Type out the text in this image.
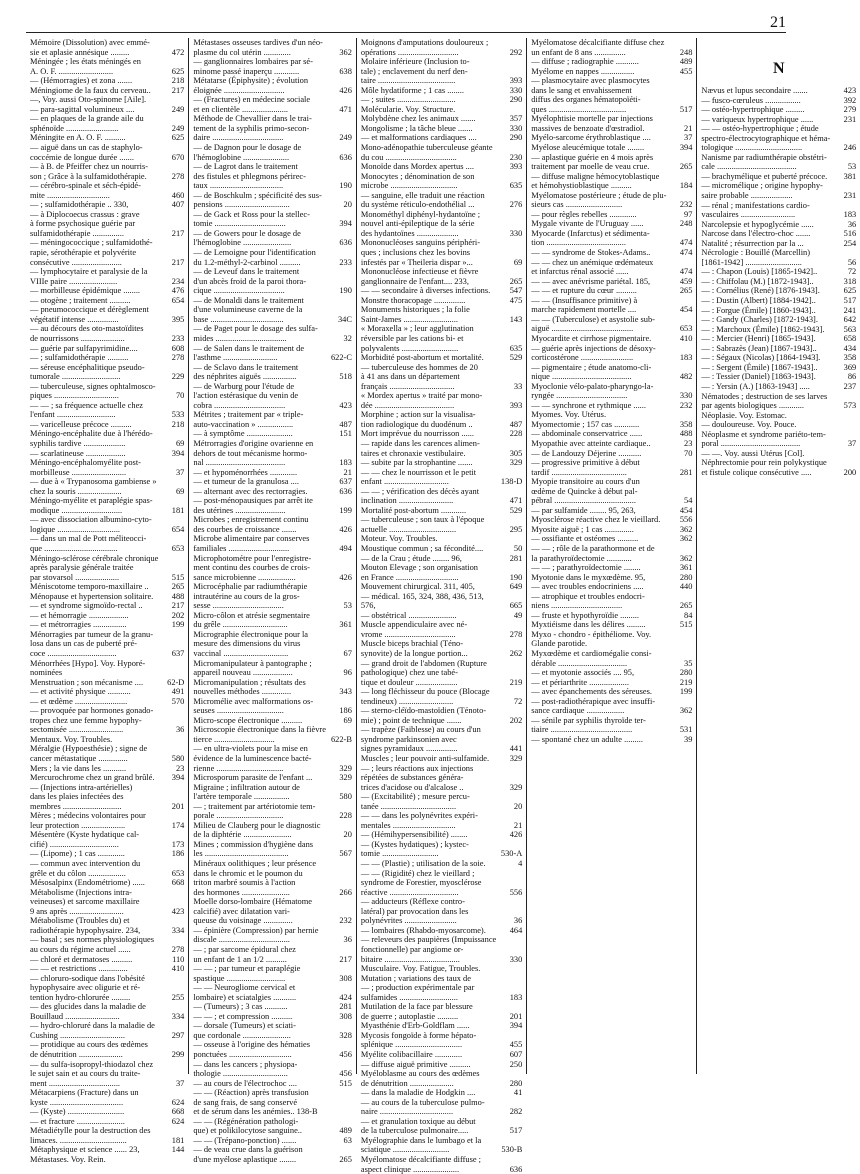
21
Mémoire (Dissolution) avec emmé-
sie et aplasie annésique .........	472
Méningée ; les états méningés en
A. O. F. ..........................	625
— (Hémorragies) et zona .......	218
Méningiome de la faux du cerveau..	217
—, Voy. aussi Oto-spinome [Aile].
— para-sagittal volumineux ....	249
— en plaques de la grande aile du
sphénoïde .........................	249
Méningite en A. O. F. ..........	625
— aiguë dans un cas de staphylo-
coccémie de longue durée .......	670
— à B. de Pfeiffer chez un nourris-
son ; Grâce à la sulfamidothérapie.	278
— cérébro-spinale et séch-épidé-
mite ..............................	460
— ; sulfamidothérapie .. 330,	407
— à Diplocoecus crassus : grave
à forme psychosique guérie par
sulfamidothérapie ...............	217
— méningococcique ; sulfamidothé-
rapie, sérothérapie et polyvérite
consécutive ........................	217
— lymphocytaire et paralysie de la
VIIIe paire .......................	234
— morbilleuse épidémique ........	476
— otogène ; traitement ..........	654
— pneumococcique et dérèglement
végétatif intense ...............	395
— au décours des oto-mastoïdites
de nourrissons .....................	233
— guérie par sulfapyrimidine....	608
— ; sulfamidothérapie ..........	278
— séreuse encéphalitique pseudo-
tumorale ............................	229
— tuberculeuse, signes ophtalmosco-
piques ...............................	70
— — ; sa fréquence actuelle chez
l'enfant ............................	533
— varicelleuse précoce ..........	218
Méningo-encéphalite due à l'hérédo-
syphilis tardive ....................	69
— scarlatineuse ...................	394
Méningo-encéphalomyélite post-
morbilleuse ..........................	37
— due à « Trypanosoma gambiense »
chez la souris .....................	69
Méningo-myélite et paraplégie spas-
modique .............................	181
— avec dissociation albumino-cyto-
logique ..............................	654
— dans un mal de Pott méliteocci-
que ...................................	653
Méningo-sclérose cérébrale chronique
après paralysie générale traitée
par stovarsol .....................	515
Méniscotome temporo-maxillaire ..	265
Ménopause et hypertension solitaire.	488
— et syndrome sigmoïdo-rectal ..	217
— et hémorragie ...................	202
— et métrorragies ................	199
Ménorragies par tumeur de la granu-
losa dans un cas de puberté pré-
coce .................................	637
Ménorrhées [Hypo]. Voy. Hyporé-
nominées
Menstruation ; son mécanisme ....	62-D
— et activité physique ...........	491
— et œdème .........................	570
— provoquée par hormones gonado-
tropes chez une femme hypophy-
sectomisée ..........................	36
Mentaux. Voy. Troubles.
Méralgie (Hypoesthésie) ; signe de
cancer métastatique ..............	580
Mers ; la vie dans les ...........	23
Mercurochrome chez un grand brûlé.	394
— (Injections intra-artérielles)
dans les plaies infectées des
membres ............................	201
Mères ; médecins volontaires pour
leur protection .....................	174
Mésentère (Kyste hydatique cal-
cifié) .................................	173
— (Lipome) ; 1 cas .............	186
— commun avec intervention du
grêle et du côlon ..................	653
Mésosalpinx (Endométriome) ......	668
Métabolisme (Injections intra-
veineuses) et sarcome maxillaire
9 ans après ..........................	423
Métabolisme (Troubles du) et
radiothérapie hypophysaire. 234,	334
— basal ; ses normes physiologiques
au cours du régime actuel ......	278
— chloré et dermatoses ..........	110
— — et restrictions ..............	410
— chloruro-sodique dans l'obésité
hypophysaire avec oligurie et ré-
tention hydro-chlorurée .........	255
— des glucides dans la maladie de
Bouillaud ..........................	334
— hydro-chloruré dans la maladie de
Cushing ...............................	297
— protidique au cours des œdèmes
de dénutrition .....................	299
— du sulfa-isopropyl-thiodazol chez
le sujet sain et au cours du traite-
ment ..................................	37
Métacarpiens (Fracture) dans un
kyste ...................................	624
— (Kyste) ...........................	668
— et fracture .......................	624
Métadiétylle pour la destruction des
limaces. ................................	181
Métaphysique et science ...... 23,	144
Métastases. Voy. Rein.
Métastases osseuses tardives d'un néo-
plasme du col utérin .............	362
— ganglionnaires lombaires par sé-
minome passé inaperçu ............	638
Métatarse (Épiphysite) ; évolution
éloignée .............................	426
— (Fractures) en médecine sociale
et en clientèle ......................	471
Méthode de Chevallier dans le trai-
tement de la syphilis primo-secon-
daire ..................................	249
— de Dagnon pour le dosage de
l'hémoglobine ......................	636
— de Lagrot dans le traitement
des fistules et phlegmons périrec-
taux ...................................	190
— de Boschkulm ; spécificité des sus-
pensions ...............................	20
— de Gack et Ross pour la stellec-
tomie ..................................	394
— de Gowers pour le dosage de
l'hémoglobine .......................	636
— de Lemoigne pour l'identification
du 1.2-méthyl-2-carbinol ..........	233
— de Leveuf dans le traitement
d'un abcès froid de la paroi thora-
cique ..................................	190
— de Monaldi dans le traitement
d'une volumineuse caverne de la
base ...................................	34C
— de Paget pour le dosage des sulfa-
mides ..................................	32
— de Salen dans le traitement de
l'asthme ..........................	622-C
— de Sclavo dans le traitement
des néphrites aiguës ................	518
— de Warburg pour l'étude de
l'action estérasique du venin de
cobra ..................................	423
Métrites ; traitement par « triple-
auto-vaccination » .................	487
— à symptôme ......................	151
Métrorragies d'origine ovarienne en
dehors de tout mécanisme hormo-
nal ......................................	183
— et hypoménorrhées .............	21
— et tumeur de la granulosa ....	637
— alternant avec des rectorragies.	636
— post-ménopausiques par arrêt ite
des utérines ........................	199
Microbes ; enregistrement continu
des courbes de croissance .......	426
Microbe alimentaire par conserves
familiales .............................	494
Microphotométre pour l'enregistre-
ment continu des courbes de crois-
sance microbienne ..................	426
Microcéphalie par radiumthérapie
intrautérine au cours de la gros-
sesse ..................................	53
Micro-côlon et atrésie segmentaire
du grêle ...............................	361
Micrographie électronique pour la
mesure des dimensions du virus
vaccinal ...............................	67
Micromanipulateur à pantographe ;
appareil nouveau ...................	96
Micromanipulation ; résultats des
nouvelles méthodes ..............	343
Micromélie avec malformations os-
seuses ................................	186
Micro-scope électronique ..........	69
Microscopie électronique dans la fièvre
tierce .............................	622-B
— en ultra-violets pour la mise en
évidence de la luminescence bacté-
rienne ................................	329
Microsporum parasite de l'enfant ...	329
Migraine ; infiltration autour de
l'artère temporale .................	580
— ; traitement par artériotomie tem-
porale ................................	228
Milieu de Clauberg pour le diagnostic
de la diphtérie .......................	20
Mines ; commission d'hygiène dans
les ........................................	567
Minéraux oolithiques ; leur présence
dans le chromic et le poumon du
triton marbré soumis à l'action
des hormones .......................	266
Moelle dorso-lombaire (Hématome
calcifié) avec dilatation vari-
queuse du voisinage ..............	232
— épinière (Compression) par hernie
discale ..................................	36
— ; par sarcome épidural chez
un enfant de 1 an 1/2 ..........	217
— — ; par tumeur et paraplégie
spastique ............................	308
— — Neurogliome cervical et
lombaire) et sciatalgies ...........	424
— (Tumeurs) ; 3 cas ...........	281
— — ; et compression ..........	308
— dorsale (Tumeurs) et sciati-
que cordonale .......................	328
— osseuse à l'origine des hématies
ponctuées ..............................	456
— dans les cancers ; physiopa-
thologie ...............................	456
— au cours de l'électrochoc ....	515
— — (Réaction) après transfusion
de sang frais, de sang conservé
et de sérum dans les anémies.. 138-B
— — (Régénération pathologi-
que) et polikilocytose sanguine..	489
— — (Trépano-ponction) .......	63
— de veau crue dans la guérison
d'une myélose aplastique ........	265
Moignons d'amputations douloureux ;
opérations .............................	292
Molaire inférieure (Inclusion to-
tale) ; enclavement du nerf den-
taire .....................................	393
Môle hydatiforme ; 1 cas ........	330
— ; suites ............................	290
Molécularie. Voy. Structure.
Molybdène chez les animaux .......	357
Mongolisme ; la tâche bleue .......	330
— et malformations cardiaques ....	290
Mono-adénopathie tuberculeuse géante
du cou ..................................	230
Monoïde dans Mordex apertus ....	393
Monocytes ; dénomination de son
microbe ................................	635
— sanguine, elle traduit une réaction
du système réticulo-endothélial ...	276
Monométhyl diphényl-hydantoïne ;
nouvel anti-épileptique de la série
des hydantoïnes ....................	330
Mononucléoses sanguins périphéri-
ques ; inclusions chez les bovins
infestés par « Theileria dispar »...	69
Mononucléose infectieuse et fièvre
ganglionnaire de l'enfant.... 233,	265
— — secondaire à diverses infections.	547
Monstre thoracopage ...............	475
Monuments historiques ; la folie
Saint-James ..........................	143
« Moraxella » ; leur agglutination
réversible par les cations bi- et
polyvalents ...........................	635
Morbidité post-abortum et mortalité.	529
— tuberculeuse des hommes de 20
à 41 ans dans un département
français ...............................	33
« Mordex apertus » traité par mono-
dée ......................................	393
Morphine ; action sur la visualisa-
tion radiologique du duodénum ..	487
Mort imprévue du nourrisson ......	228
— rapide dans les carences alimen-
taires et chronaxie vestibulaire.	305
— subite par la strophantine .......	329
— — chez le nourrisson et le petit
enfant ...............................	138-D
— — ; vérification des décès ayant
inclination ..........................	471
Mortalité post-abortum ............	529
— tuberculeuse ; son taux à l'époque
actuelle ................................	295
Moteur. Voy. Troubles.
Moustique commun ; sa fécondité....	50
— de la Crau ; étude ........ 96,	281
Mouton Elevage ; son organisation
en France ..............................	190
Mouvement chirurgical. 311, 405,	649
— médical. 165, 324, 388, 436, 513,
576,	665
— obstétrical .......................	49
Muscle appendiculaire avec né-
vrome ..................................	278
Muscle biceps brachial (Téno-
synovite) de la longue portion...	262
— grand droit de l'abdomen (Rupture
pathologique) chez une tabé-
tique et douleur ....................	219
— long fléchisseur du pouce (Blocage
tendineux) ..........................	72
— sterno-cléïdo-mastoïdien (Ténoto-
mie) ; point de technique .......	202
— trapèze (Faiblesse) au cours d'un
syndrome parkinsonien avec
signes pyramidaux ...............	441
Muscles ; leur pouvoir anti-sulfamide.	329
— ; leurs réactions aux injections
répétées de substances généra-
trices d'acidose ou d'alcalose ..	329
— (Excitabilité) ; mesure percu-
tanée ....................................	20
— — dans les polynévrites expéri-
mentales ..............................	21
— (Hémihypersensibilité) ........	426
— (Kystes hydatiques) ; kystec-
tomie ...........................	530-A
— — (Plastie) ; utilisation de la soie.	4
— — (Rigidité) chez le vieillard ;
syndrome de Forestier, myosclérose
réactive .................................	556
— adducteurs (Réflexe contro-
latéral) par provocation dans les
polynévrites .........................	36
— lombaires (Rhabdo-myosarcome).	464
— releveurs des paupières (Impuissance
fonctionnelle) par angiome or-
bitaire ....................................	330
Musculaire. Voy. Fatigue, Troubles.
Mutation ; variations des taux de
— ; production expérimentale par
sulfamides ............................	183
Mutilation de la face par blessure
de guerre ; autoplastie ..........	201
Myasthénie d'Erb-Goldflam ......	394
Mycosis fongoïde à forme hépato-
splénique ................................	455
Myélite colibacillaire .............	607
— diffuse aiguë primitive ..........	250
Myéloblasme au cours des œdèmes
de dénutrition .....................	280
— dans la maladie de Hodgkin ....	41
— au cours de la tuberculose pulmo-
naire ...................................	282
— et granulation toxique au début
de la tuberculose pulmonaire.....	517
Myélographie dans le lumbago et la
sciatique ...........................	530-B
Myélomatose décalcifiante diffuse ;
aspect clinique ......................	636
Myélomatose décalcifiante diffuse chez
un enfant de 8 ans ...............	248
— diffuse ; radiographie ...........	489
Myélome en nappes ................	455
— plasmocytaire avec plasmocytes
dans le sang et envahissement
diffus des organes hématopoïéti-
ques .....................................	517
Myélophtisie mortelle par injections
massives de benzoate d'œstradiol.	21
Myélo-sarcome érythroblastique ....	37
Myélose aleucémique totale ........	394
— aplastique guérie en 4 mois après
traitement par moelle de veau crue.	265
— diffuse maligne hémocytoblastique
et hémohystioblastique ..........	184
Myélomatose postérieure ; étude de plu-
sieurs cas ...........................	232
— pour règles rebelles .............	97
Mygale vivante de l'Uruguay ......	248
Myocarde (Infarctus) et sédimenta-
tion ......................................	474
— — syndrome de Stokes-Adams..	474
— — chez un anémique œdémateux
et infarctus rénal associé ......	474
— — avec anévrisme pariétal. 185,	459
— — et rupture du cœur ..........	265
— — (Insuffisance primitive) à
marche rapidement mortelle ....	454
— — (Tuberculose) et asystolie sub-
aiguë .......................................	653
Myocardite et cirrhose pigmentaire.	410
— guérie après injections de désoxy-
corticostérone .........................	183
— pigmentaire ; étude anatomo-cli-
nique ......................................	482
Myoclonie vélo-palato-pharyngo-la-
ryngée ..................................	330
— — synchrone et rythmique ......	232
Myomes. Voy. Utérus.
Myomectomie ; 157 cas ............	358
— abdominale conservatrice ......	488
Myopathie avec atteinte cardiaque..	23
— de Landouzy Déjerine ...........	70
— progressive primitive à début
tardif ....................................	281
Myopie transitoire au cours d'un
œdème de Quincke à début pal-
pébral .......................................	54
— par sulfamide ........ 95, 263,	454
Myosclérose réactive chez le vieillard.	556
Myosite aiguë ; 1 cas ..............	362
— ossifiante et ostéomes ..........	362
— — ; rôle de la parathormone et de
la parathyroïdectomie ............	362
— — ; parathyroïdectomie ........	361
Myotonie dans le myxœdème. 95,	280
— avec troubles endocriniens .....	440
— atrophique et troubles endocri-
niens ..................................	265
— fruste et hypothyroïdie .........	84
Myxtiéisme dans les délires .........	515
Myxo - chondro - épithéliome. Voy.
Glande parotide.
Myxœdème et cardiomégalie consi-
dérable .................................	35
— et myotonie associés .... 95,	280
— et périarthrite ...................	219
— avec épanchements des séreuses.	199
— post-radiothérapique avec insuffi-
sance cardiaque ..................	362
— sénile par syphilis thyroïde ter-
tiaire .......................................	531
— spontané chez un adulte .........	39
N
Nævus et lupus secondaire .......	423
— fusco-cœruleus .................	392
— ostéo-hypertrophique .........	279
— variqueux hypertrophique ......	231
— — ostéo-hypertrophique ; étude
spectro-électrocytographique et héma-
tologique ................................	246
Nanisme par radiumthérapie obstétri-
cale ......................................	53
— brachymélique et puberté précoce.	381
— micromélique ; origine hypophy-
saire probable ....................	231
— rénal ; manifestations cardio-
vasculaires ..........................	183
Narcolepsie et hypoglycémie ......	36
Narcose dans l'électro-choc .......	516
Natalité ; résurrection par la ...	254
Nécrologie : Bouillé (Marcellin)
[1861-1942] ...........................	56
— : Chapon (Louis) [1865-1942]..	72
— : Chiffolau (M.) [1872-1943]..	318
— : Cornélius (René) [1876-1943].	625
— : Dustin (Albert) [1884-1942]..	517
— : Forgue (Émile) [1860-1943]..	241
— : Gandy (Charles) [1872-1943].	642
— : Marchoux (Émile) [1862-1943].	563
— : Mercier (Henri) [1865-1943].	658
— : Sabrazès (Jean) [1867-1943]..	434
— : Ségaux (Nicolas) [1864-1943].	358
— : Sergent (Émile) [1867-1943]..	369
— : Tessier (Daniel) [1863-1943].	86
— : Yersin (A.) [1863-1943] .....	237
Nématodes ; destruction de ses larves
par agents biologiques ............	573
Néoplasie. Voy. Estomac.
— douloureuse. Voy. Pouce.
Néoplasme et syndrome pariéto-tem-
poral ......................................	37
— —. Voy. aussi Utérus [Col].
Néphrectomie pour rein polykystique
et fistule colique consécutive .....	200
